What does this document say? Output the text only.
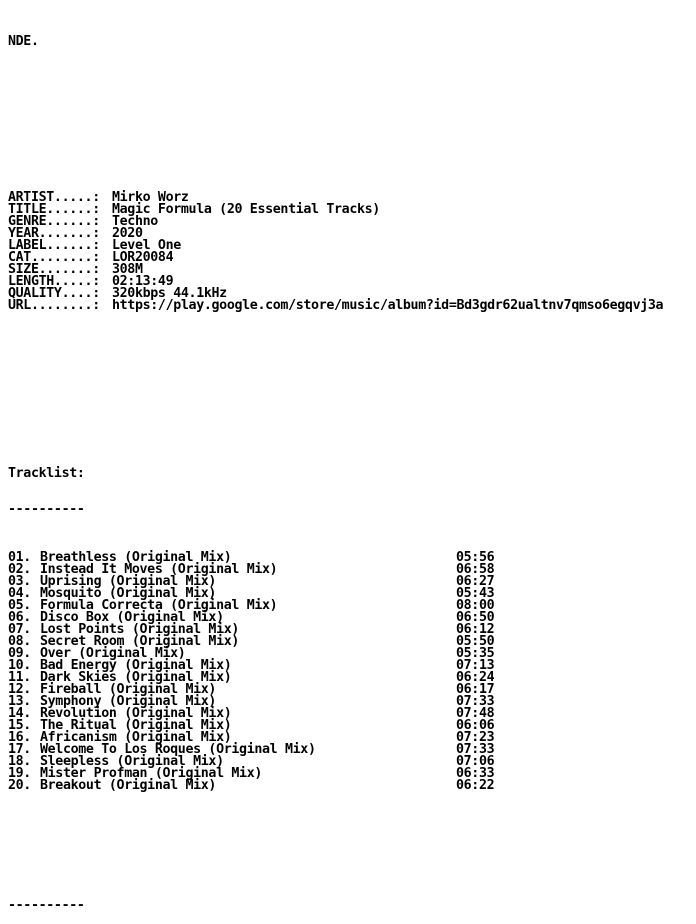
NDE.

ARTIST.....: Mirko Worz
TITLE......: Magic Formula (20 Essential Tracks)
GENRE......: Techno
YEAR.......: 2020
LABEL......: Level One
CAT........: LOR20084
SIZE.......: 308M
LENGTH.....: 02:13:49
QUALITY....: 320kbps 44.1kHz
URL........: https://play.google.com/store/music/album?id=Bd3gdr62ualtnv7qmso6egqvj3a

Tracklist:

----------

01. Breathless (Original Mix)	05:56
02. Instead It Moves (Original Mix)	06:58
03. Uprising (Original Mix)	06:27
04. Mosquito (Original Mix)	05:43
05. Formula Correcta (Original Mix)	08:00
06. Disco Box (Original Mix)	06:50
07. Lost Points (Original Mix)	06:12
08. Secret Room (Original Mix)	05:50
09. Over (Original Mix)	05:35
10. Bad Energy (Original Mix)	07:13
11. Dark Skies (Original Mix)	06:24
12. Fireball (Original Mix)	06:17
13. Symphony (Original Mix)	07:33
14. Revolution (Original Mix)	07:48
15. The Ritual (Original Mix)	06:06
16. Africanism (Original Mix)	07:23
17. Welcome To Los Roques (Original Mix)	07:33
18. Sleepless (Original Mix)	07:06
19. Mister Profman (Original Mix)	06:33
20. Breakout (Original Mix)	06:22

----------
